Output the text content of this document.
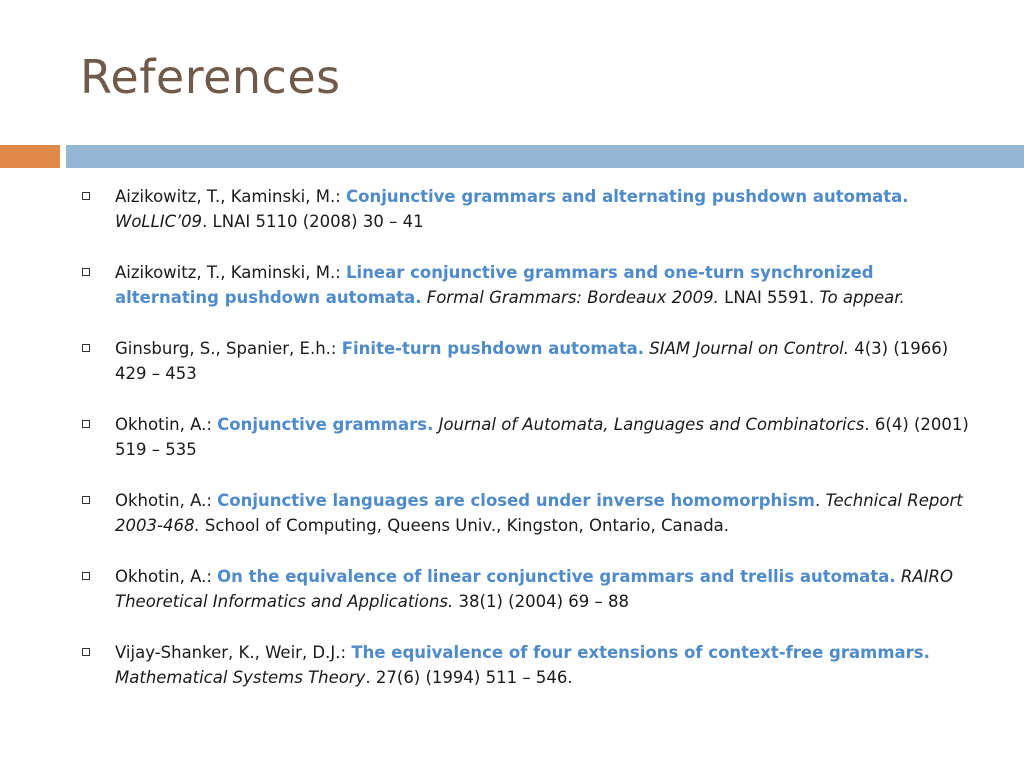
References
Aizikowitz, T., Kaminski, M.: Conjunctive grammars and alternating pushdown automata. WoLLIC’09. LNAI 5110 (2008) 30 – 41
Aizikowitz, T., Kaminski, M.: Linear conjunctive grammars and one-turn synchronized alternating pushdown automata. Formal Grammars: Bordeaux 2009. LNAI 5591. To appear.
Ginsburg, S., Spanier, E.h.: Finite-turn pushdown automata. SIAM Journal on Control. 4(3) (1966) 429 – 453
Okhotin, A.: Conjunctive grammars. Journal of Automata, Languages and Combinatorics. 6(4) (2001) 519 – 535
Okhotin, A.: Conjunctive languages are closed under inverse homomorphism. Technical Report 2003-468. School of Computing, Queens Univ., Kingston, Ontario, Canada.
Okhotin, A.: On the equivalence of linear conjunctive grammars and trellis automata. RAIRO Theoretical Informatics and Applications. 38(1) (2004) 69 – 88
Vijay-Shanker, K., Weir, D.J.: The equivalence of four extensions of context-free grammars. Mathematical Systems Theory. 27(6) (1994) 511 – 546.
